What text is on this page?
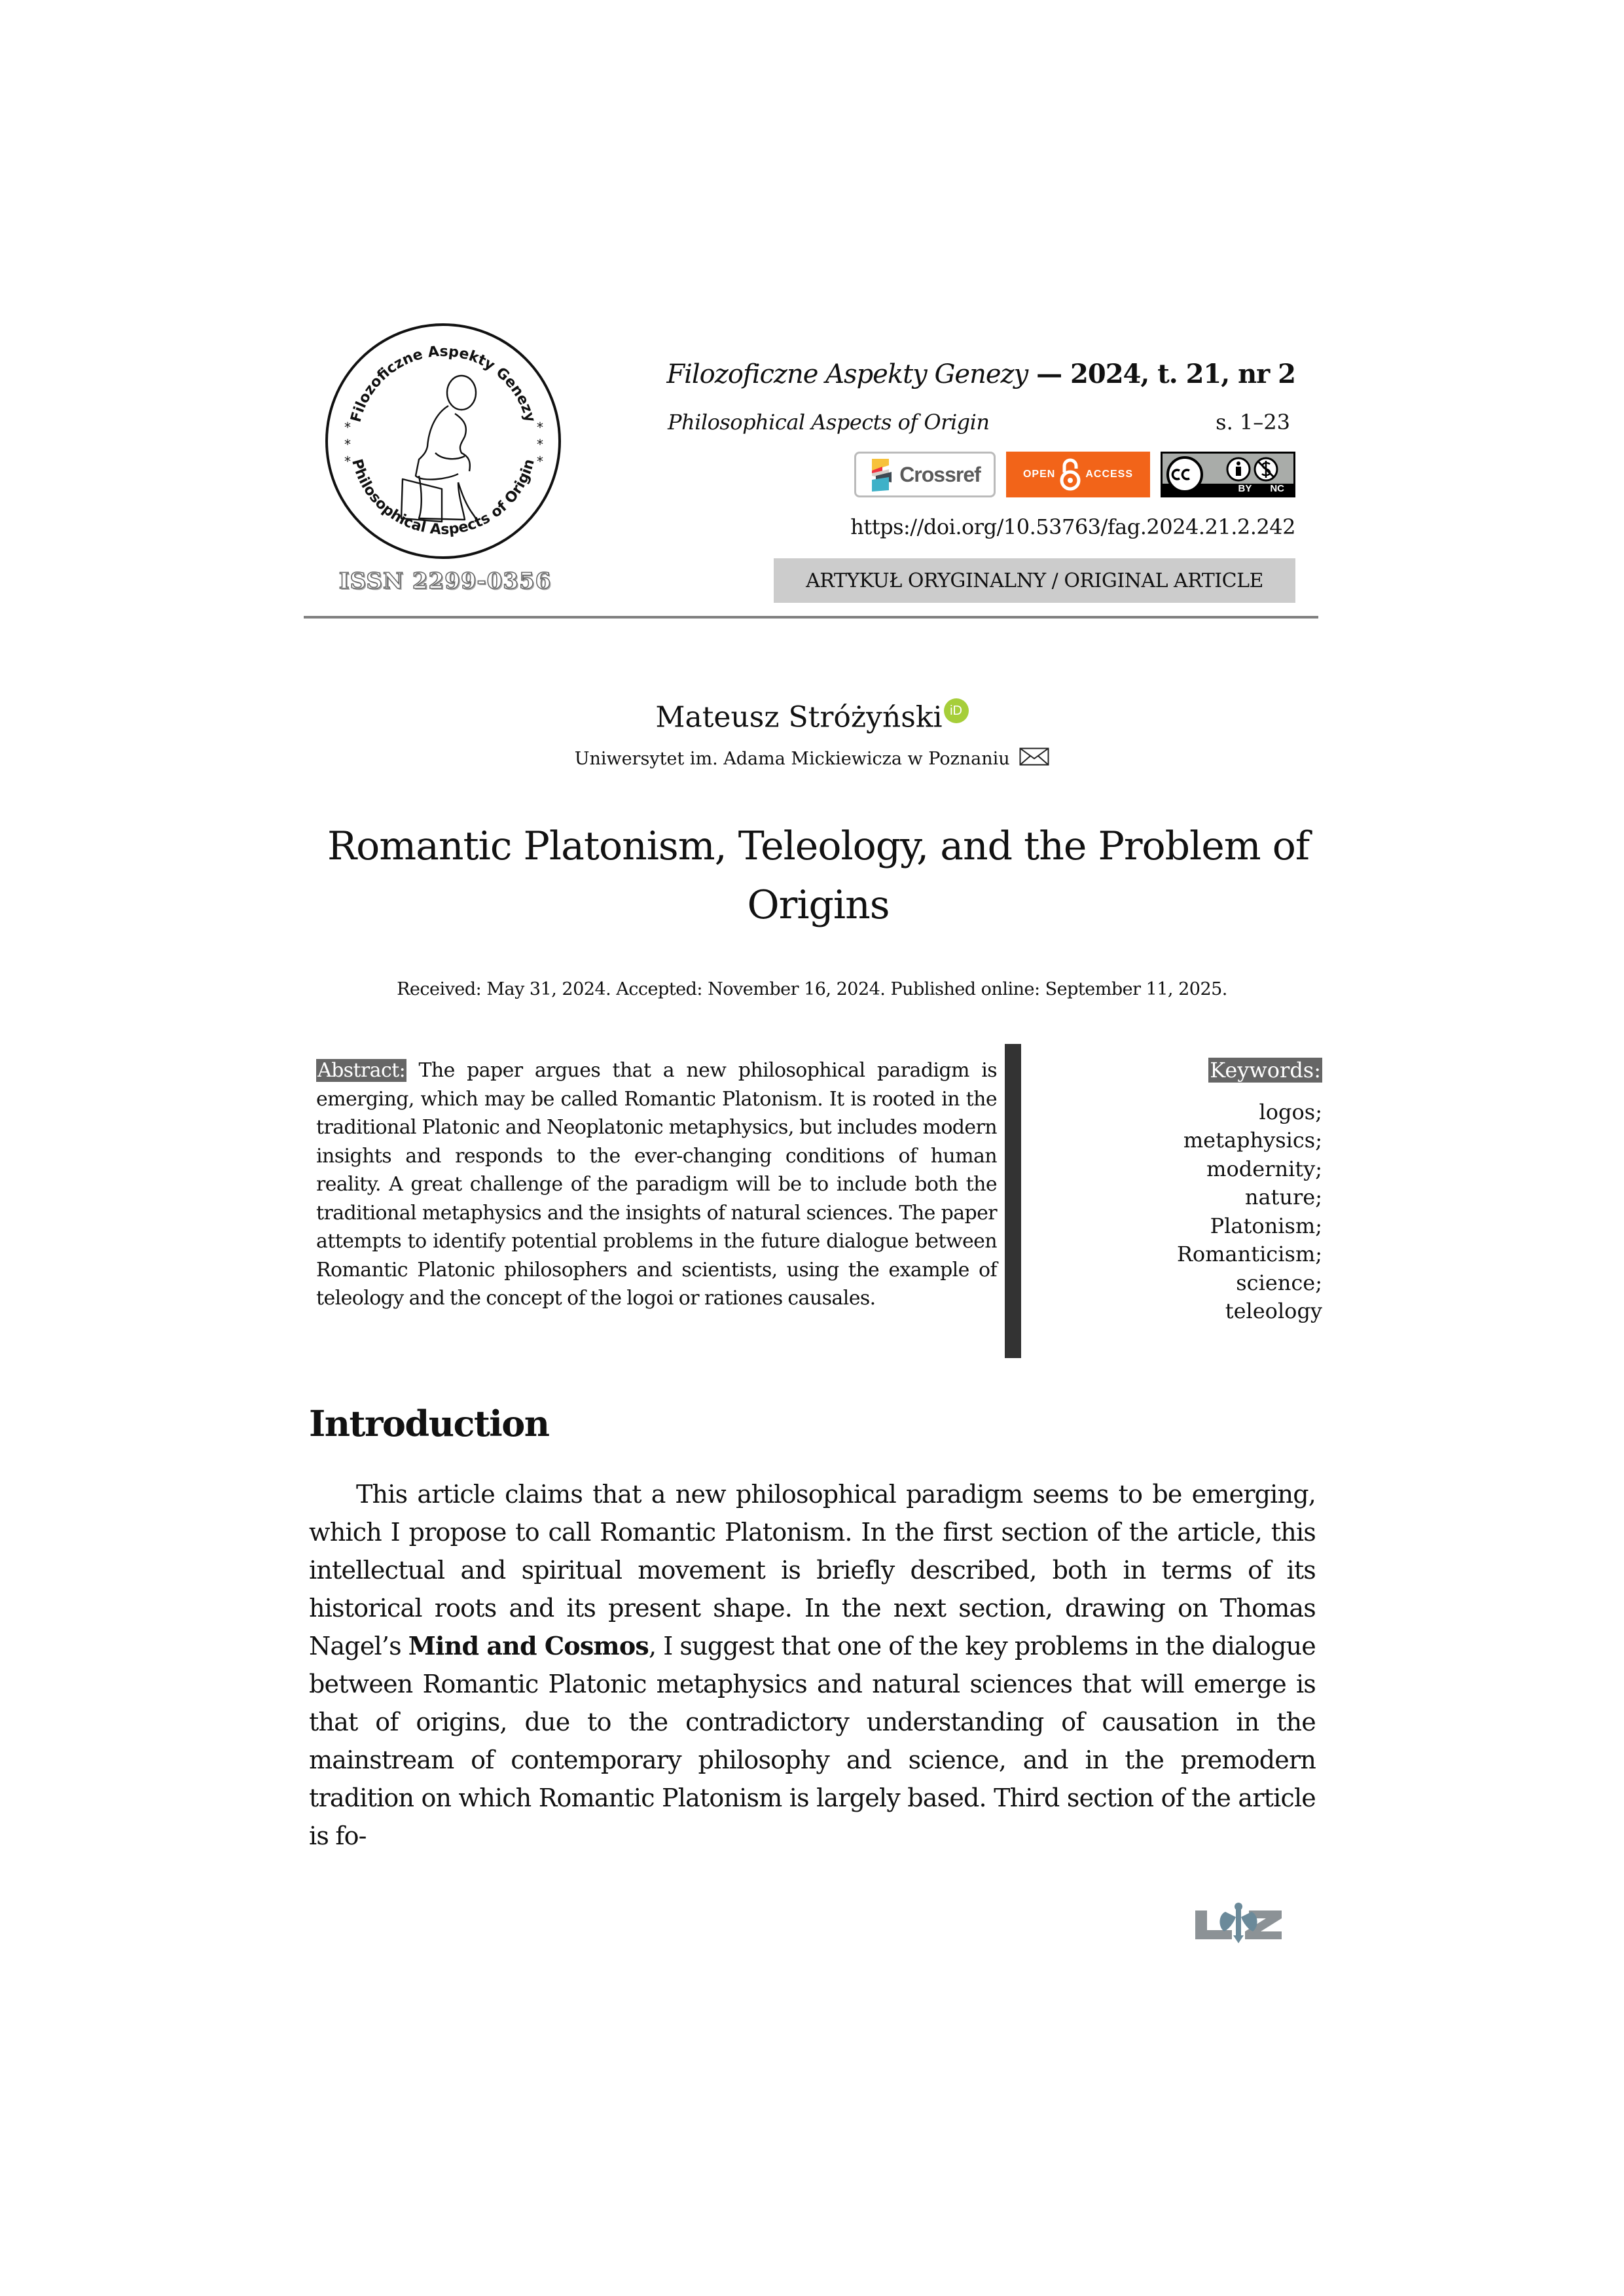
Filozoficzne Aspekty Genezy
Philosophical Aspects of Origin
*
*
*
*
*
*
ISSN 2299-0356
Filozoficzne Aspekty Genezy — 2024, t. 21, nr 2
Philosophical Aspects of Origin	s. 1–23
Crossref	OPEN	ACCESS
BY NC
https://doi.org/10.53763/fag.2024.21.2.242
ARTYKUŁ ORYGINALNY / ORIGINAL ARTICLE
Mateusz Stróżyński iD
Uniwersytet im. Adama Mickiewicza w Poznaniu
Romantic Platonism, Teleology, and the Problem of
Origins
Received: May 31, 2024. Accepted: November 16, 2024. Published online: September 11, 2025.
Abstract: The paper argues that a new philosophical paradigm is emerging, which may be called Romantic Platonism. It is rooted in the traditional Platonic and Neoplatonic metaphysics, but includes modern insights and responds to the ever-changing conditions of human reality. A great challenge of the paradigm will be to include both the traditional metaphysics and the insights of natural sciences. The paper attempts to identify potential problems in the future dialogue between Romantic Platonic philosophers and scientists, using the example of teleology and the concept of the logoi or rationes causales.
Keywords:
logos;
metaphysics;
modernity;
nature;
Platonism;
Romanticism;
science;
teleology
Introduction

This article claims that a new philosophical paradigm seems to be emerging, which I propose to call Romantic Platonism. In the first section of the article, this intellectual and spiritual movement is briefly described, both in terms of its historical roots and its present shape. In the next section, drawing on Thomas Nagel’s Mind and Cosmos, I suggest that one of the key problems in the dialogue between Romantic Platonic metaphysics and natural sciences that will emerge is that of origins, due to the contradictory understanding of causation in the mainstream of contemporary philosophy and science, and in the premodern tradition on which Romantic Platonism is largely based. Third section of the article is fo-
